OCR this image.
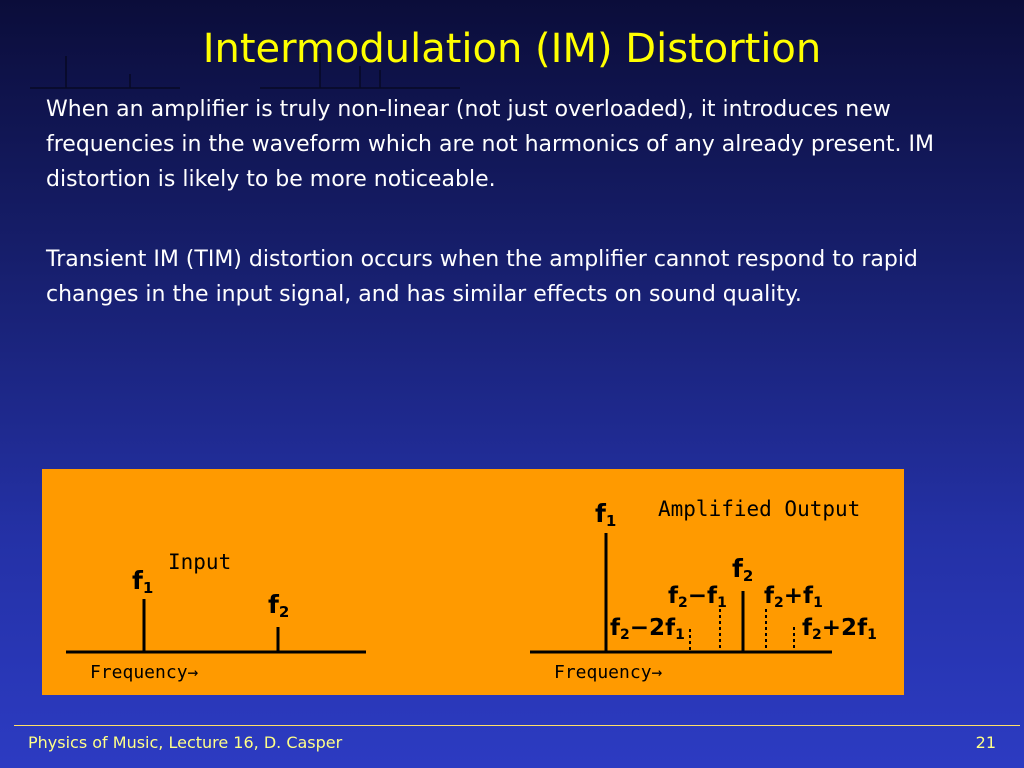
Intermodulation (IM) Distortion
When an amplifier is truly non-linear (not just overloaded), it introduces new frequencies in the waveform which are not harmonics of any already present. IM distortion is likely to be more noticeable.
Transient IM (TIM) distortion occurs when the amplifier cannot respond to rapid changes in the input signal, and has similar effects on sound quality.
Input
f1
f2
Frequency→
Amplified Output
f1
f2
f2−f1 f2+f1
f2−2f1	f2+2f1
Frequency→
Physics of Music, Lecture 16, D. Casper	21
